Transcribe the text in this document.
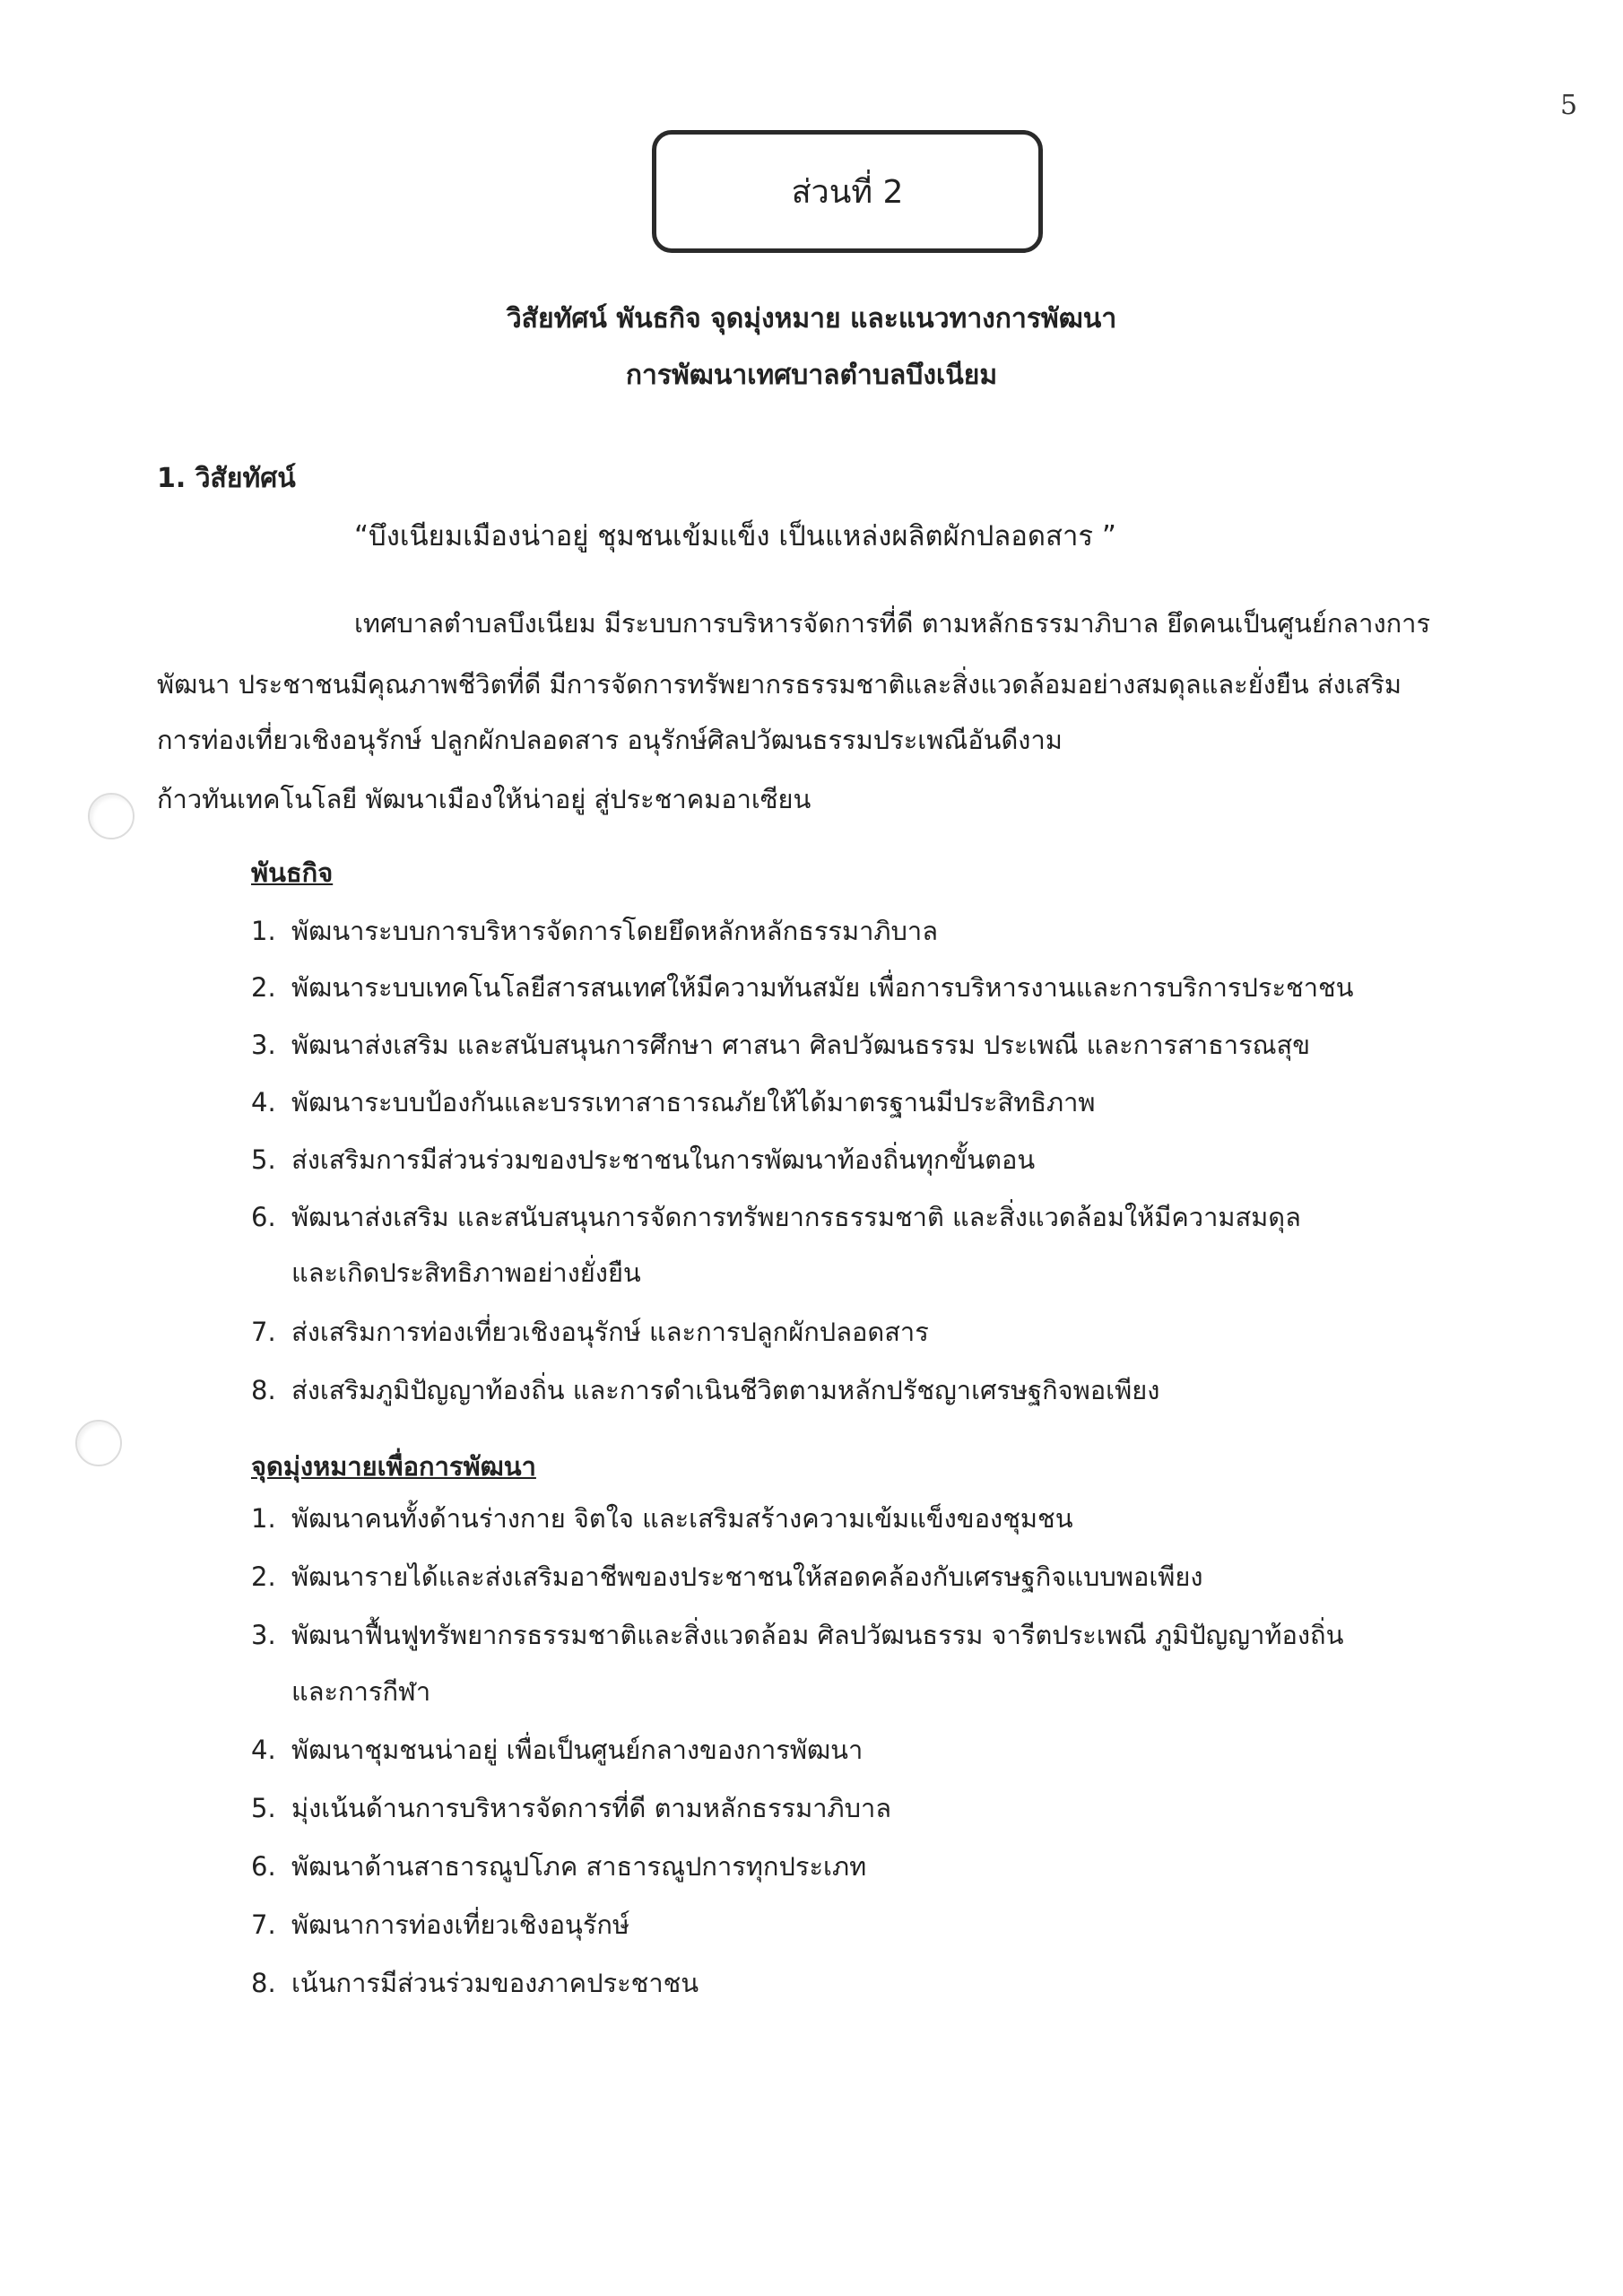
5
ส่วนที่ 2
วิสัยทัศน์ พันธกิจ จุดมุ่งหมาย และแนวทางการพัฒนา
การพัฒนาเทศบาลตำบลบึงเนียม
1. วิสัยทัศน์
“บึงเนียมเมืองน่าอยู่ ชุมชนเข้มแข็ง เป็นแหล่งผลิตผักปลอดสาร ”
เทศบาลตำบลบึงเนียม มีระบบการบริหารจัดการที่ดี ตามหลักธรรมาภิบาล ยึดคนเป็นศูนย์กลางการ
พัฒนา ประชาชนมีคุณภาพชีวิตที่ดี มีการจัดการทรัพยากรธรรมชาติและสิ่งแวดล้อมอย่างสมดุลและยั่งยืน ส่งเสริม
การท่องเที่ยวเชิงอนุรักษ์ ปลูกผักปลอดสาร อนุรักษ์ศิลปวัฒนธรรมประเพณีอันดีงาม
ก้าวทันเทคโนโลยี พัฒนาเมืองให้น่าอยู่ สู่ประชาคมอาเซียน
พันธกิจ
1. พัฒนาระบบการบริหารจัดการโดยยึดหลักหลักธรรมาภิบาล
2. พัฒนาระบบเทคโนโลยีสารสนเทศให้มีความทันสมัย เพื่อการบริหารงานและการบริการประชาชน
3. พัฒนาส่งเสริม และสนับสนุนการศึกษา ศาสนา ศิลปวัฒนธรรม ประเพณี และการสาธารณสุข
4. พัฒนาระบบป้องกันและบรรเทาสาธารณภัยให้ได้มาตรฐานมีประสิทธิภาพ
5. ส่งเสริมการมีส่วนร่วมของประชาชนในการพัฒนาท้องถิ่นทุกขั้นตอน
6. พัฒนาส่งเสริม และสนับสนุนการจัดการทรัพยากรธรรมชาติ และสิ่งแวดล้อมให้มีความสมดุล
และเกิดประสิทธิภาพอย่างยั่งยืน
7. ส่งเสริมการท่องเที่ยวเชิงอนุรักษ์ และการปลูกผักปลอดสาร
8. ส่งเสริมภูมิปัญญาท้องถิ่น และการดำเนินชีวิตตามหลักปรัชญาเศรษฐกิจพอเพียง
จุดมุ่งหมายเพื่อการพัฒนา
1. พัฒนาคนทั้งด้านร่างกาย จิตใจ และเสริมสร้างความเข้มแข็งของชุมชน
2. พัฒนารายได้และส่งเสริมอาชีพของประชาชนให้สอดคล้องกับเศรษฐกิจแบบพอเพียง
3. พัฒนาฟื้นฟูทรัพยากรธรรมชาติและสิ่งแวดล้อม ศิลปวัฒนธรรม จารีตประเพณี ภูมิปัญญาท้องถิ่น
และการกีฬา
4. พัฒนาชุมชนน่าอยู่ เพื่อเป็นศูนย์กลางของการพัฒนา
5. มุ่งเน้นด้านการบริหารจัดการที่ดี ตามหลักธรรมาภิบาล
6. พัฒนาด้านสาธารณูปโภค สาธารณูปการทุกประเภท
7. พัฒนาการท่องเที่ยวเชิงอนุรักษ์
8. เน้นการมีส่วนร่วมของภาคประชาชน
